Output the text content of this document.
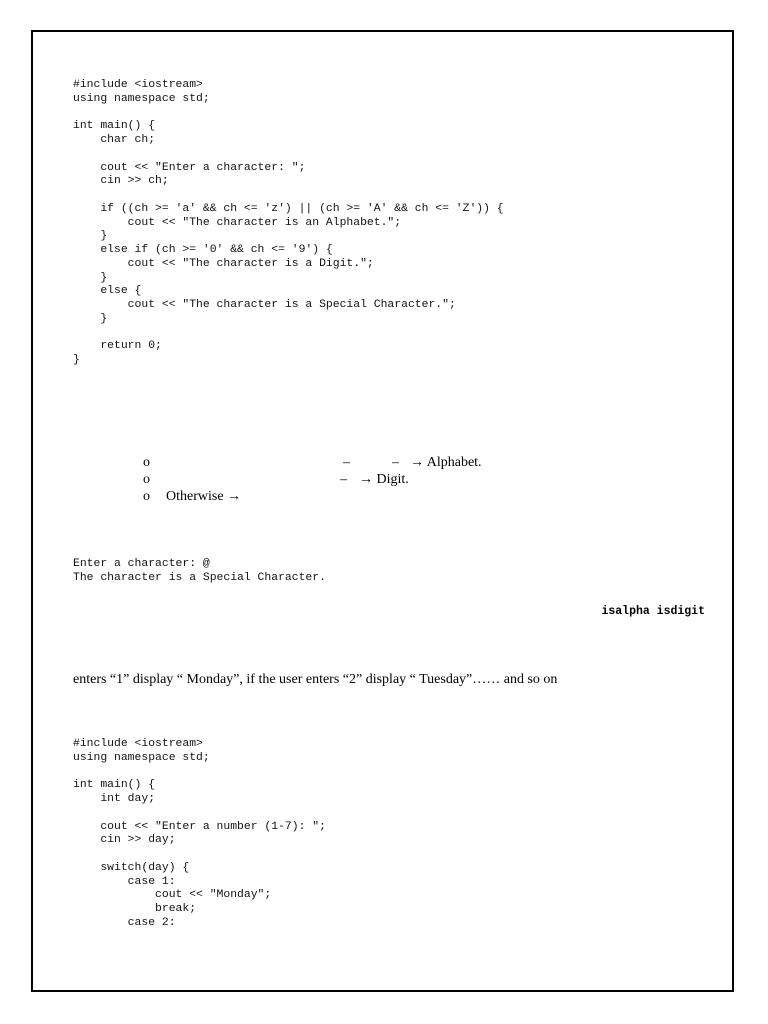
#include <iostream>
using namespace std;

int main() {
char ch;

cout << "Enter a character: ";
cin >> ch;

if ((ch >= 'a' && ch <= 'z') || (ch >= 'A' && ch <= 'Z')) {
cout << "The character is an Alphabet.";
}
else if (ch >= '0' && ch <= '9') {
cout << "The character is a Digit.";
}
else {
cout << "The character is a Special Character.";
}

return 0;
}
o	–	– → Alphabet.
o	– → Digit.
o Otherwise →
Enter a character: @
The character is a Special Character.
isalpha isdigit
enters “1” display “ Monday”, if the user enters “2” display “ Tuesday”…… and so on
#include <iostream>
using namespace std;

int main() {
int day;

cout << "Enter a number (1-7): ";
cin >> day;

switch(day) {
case 1:
cout << "Monday";
break;
case 2:
